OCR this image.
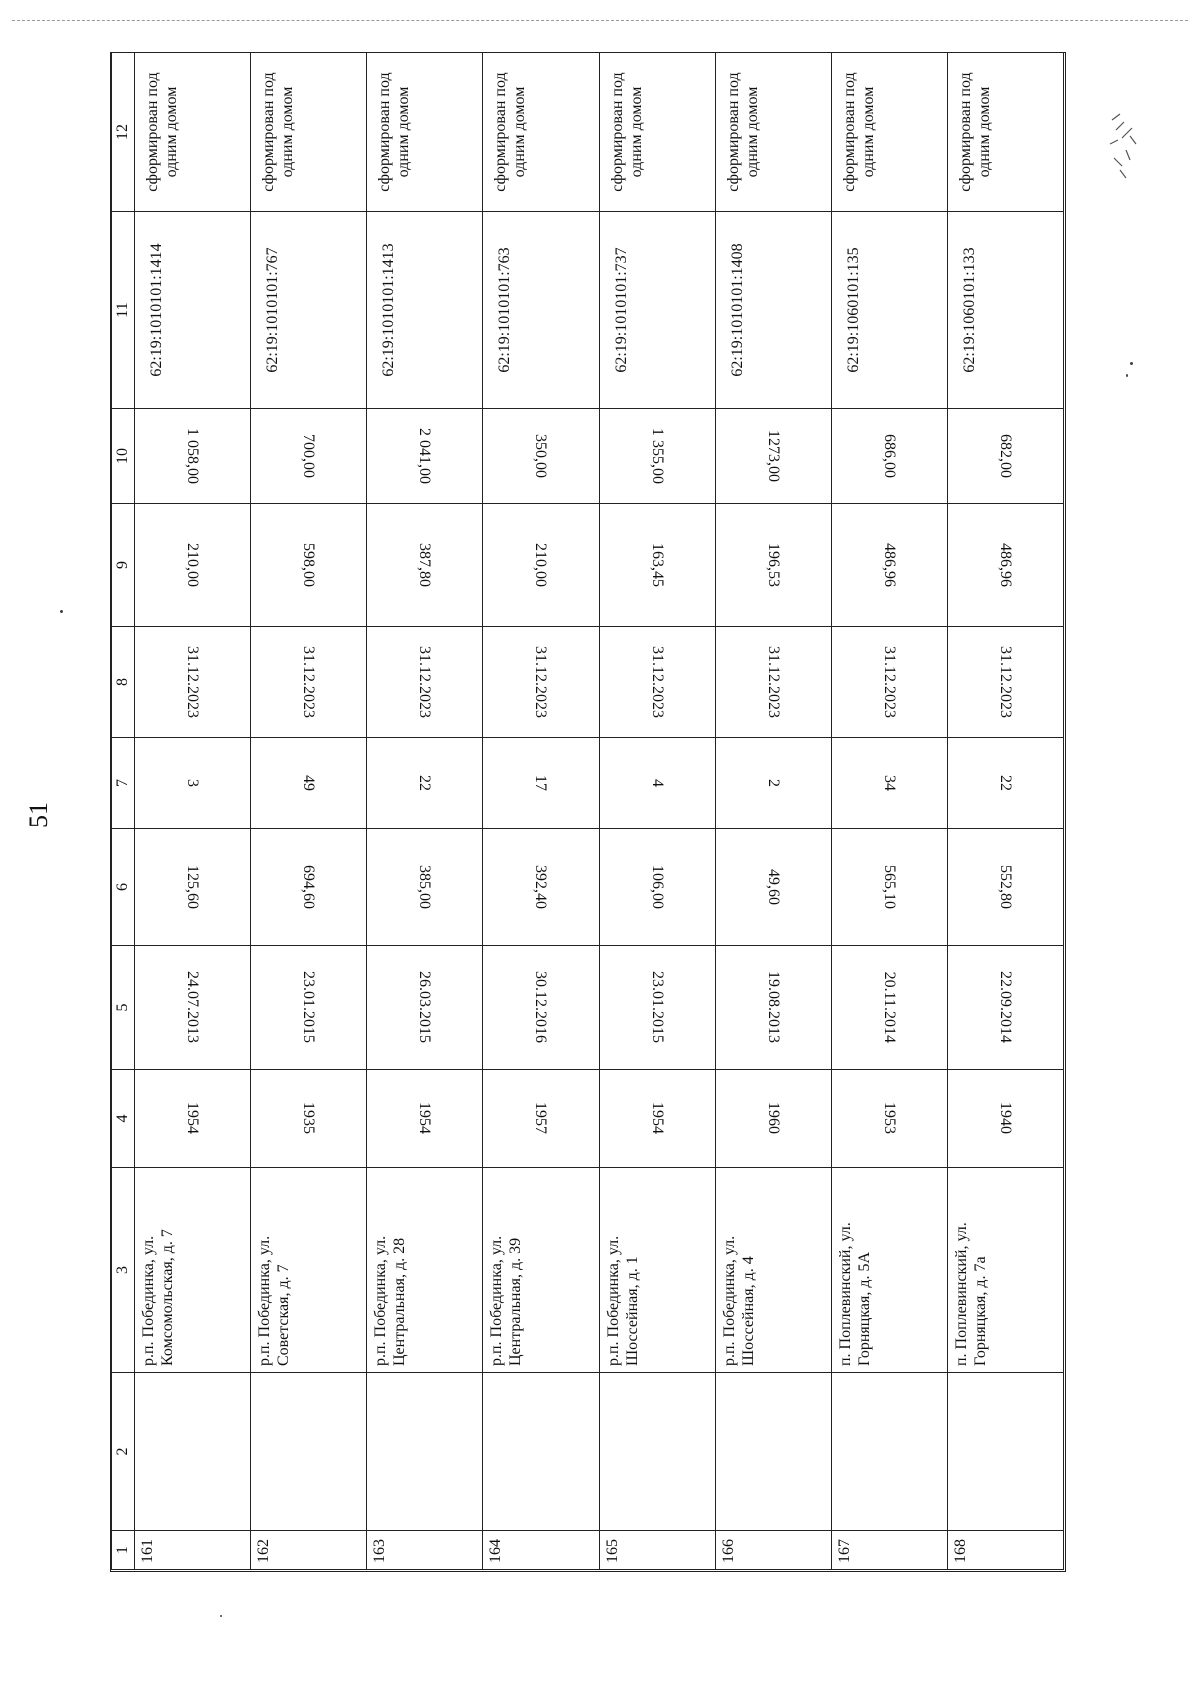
51
1	2	3	4	5	6	7	8	9	10	11	12
161		р.п. Побединка, ул. Комсомольская, д. 7	1954	24.07.2013	125,60	3	31.12.2023	210,00	1 058,00	62:19:1010101:1414	сформирован под одним домом
162		р.п. Побединка, ул. Советская, д. 7	1935	23.01.2015	694,60	49	31.12.2023	598,00	700,00	62:19:1010101:767	сформирован под одним домом
163		р.п. Побединка, ул. Центральная, д. 28	1954	26.03.2015	385,00	22	31.12.2023	387,80	2 041,00	62:19:1010101:1413	сформирован под одним домом
164		р.п. Побединка, ул. Центральная, д. 39	1957	30.12.2016	392,40	17	31.12.2023	210,00	350,00	62:19:1010101:763	сформирован под одним домом
165		р.п. Побединка, ул. Шоссейная, д. 1	1954	23.01.2015	106,00	4	31.12.2023	163,45	1 355,00	62:19:1010101:737	сформирован под одним домом
166		р.п. Побединка, ул. Шоссейная, д. 4	1960	19.08.2013	49,60	2	31.12.2023	196,53	1273,00	62:19:1010101:1408	сформирован под одним домом
167		п. Поплевинский, ул. Горняцкая, д. 5А	1953	20.11.2014	565,10	34	31.12.2023	486,96	686,00	62:19:1060101:135	сформирован под одним домом
168		п. Поплевинский, ул. Горняцкая, д. 7а	1940	22.09.2014	552,80	22	31.12.2023	486,96	682,00	62:19:1060101:133	сформирован под одним домом
